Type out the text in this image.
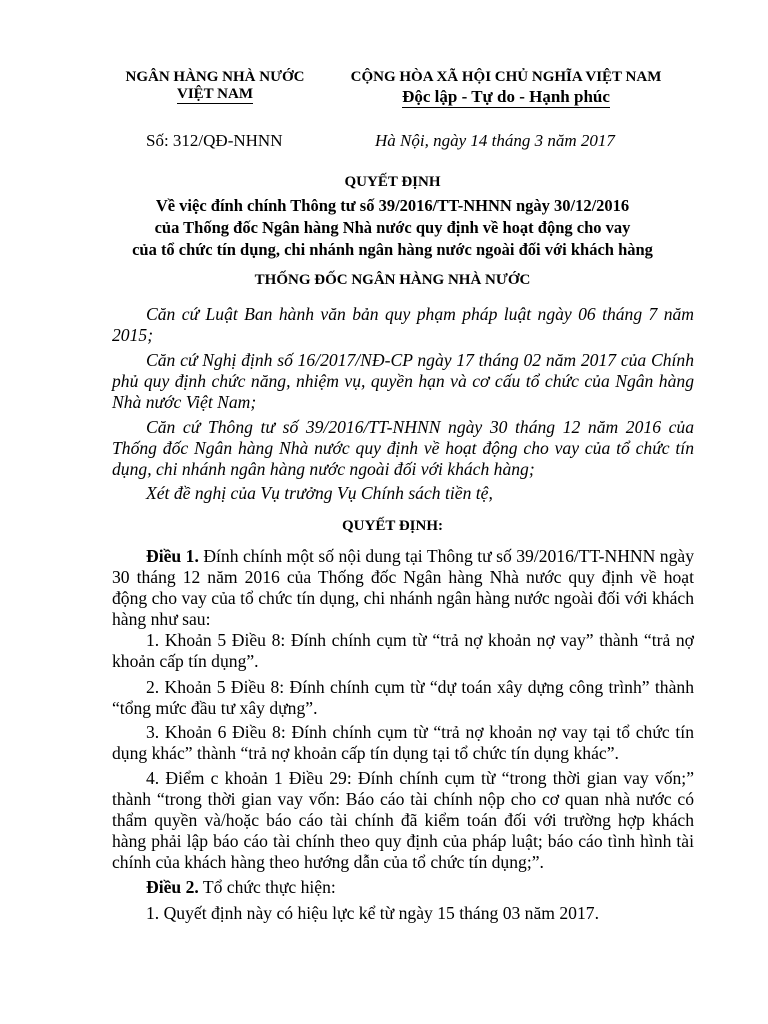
NGÂN HÀNG NHÀ NƯỚC
VIỆT NAM
CỘNG HÒA XÃ HỘI CHỦ NGHĨA VIỆT NAM
Độc lập - Tự do - Hạnh phúc
Số: 312/QĐ-NHNN	Hà Nội, ngày 14 tháng 3 năm 2017
QUYẾT ĐỊNH
Về việc đính chính Thông tư số 39/2016/TT-NHNN ngày 30/12/2016
của Thống đốc Ngân hàng Nhà nước quy định về hoạt động cho vay
của tổ chức tín dụng, chi nhánh ngân hàng nước ngoài đối với khách hàng
THỐNG ĐỐC NGÂN HÀNG NHÀ NƯỚC

Căn cứ Luật Ban hành văn bản quy phạm pháp luật ngày 06 tháng 7 năm 2015;

Căn cứ Nghị định số 16/2017/NĐ-CP ngày 17 tháng 02 năm 2017 của Chính phủ quy định chức năng, nhiệm vụ, quyền hạn và cơ cấu tổ chức của Ngân hàng Nhà nước Việt Nam;

Căn cứ Thông tư số 39/2016/TT-NHNN ngày 30 tháng 12 năm 2016 của Thống đốc Ngân hàng Nhà nước quy định về hoạt động cho vay của tổ chức tín dụng, chi nhánh ngân hàng nước ngoài đối với khách hàng;

Xét đề nghị của Vụ trưởng Vụ Chính sách tiền tệ,

QUYẾT ĐỊNH:

Điều 1. Đính chính một số nội dung tại Thông tư số 39/2016/TT-NHNN ngày 30 tháng 12 năm 2016 của Thống đốc Ngân hàng Nhà nước quy định về hoạt động cho vay của tổ chức tín dụng, chi nhánh ngân hàng nước ngoài đối với khách hàng như sau:

1. Khoản 5 Điều 8: Đính chính cụm từ “trả nợ khoản nợ vay” thành “trả nợ khoản cấp tín dụng”.

2. Khoản 5 Điều 8: Đính chính cụm từ “dự toán xây dựng công trình” thành “tổng mức đầu tư xây dựng”.

3. Khoản 6 Điều 8: Đính chính cụm từ “trả nợ khoản nợ vay tại tổ chức tín dụng khác” thành “trả nợ khoản cấp tín dụng tại tổ chức tín dụng khác”.

4. Điểm c khoản 1 Điều 29: Đính chính cụm từ “trong thời gian vay vốn;” thành “trong thời gian vay vốn: Báo cáo tài chính nộp cho cơ quan nhà nước có thẩm quyền và/hoặc báo cáo tài chính đã kiểm toán đối với trường hợp khách hàng phải lập báo cáo tài chính theo quy định của pháp luật; báo cáo tình hình tài chính của khách hàng theo hướng dẫn của tổ chức tín dụng;”.

Điều 2. Tổ chức thực hiện:

1. Quyết định này có hiệu lực kể từ ngày 15 tháng 03 năm 2017.
